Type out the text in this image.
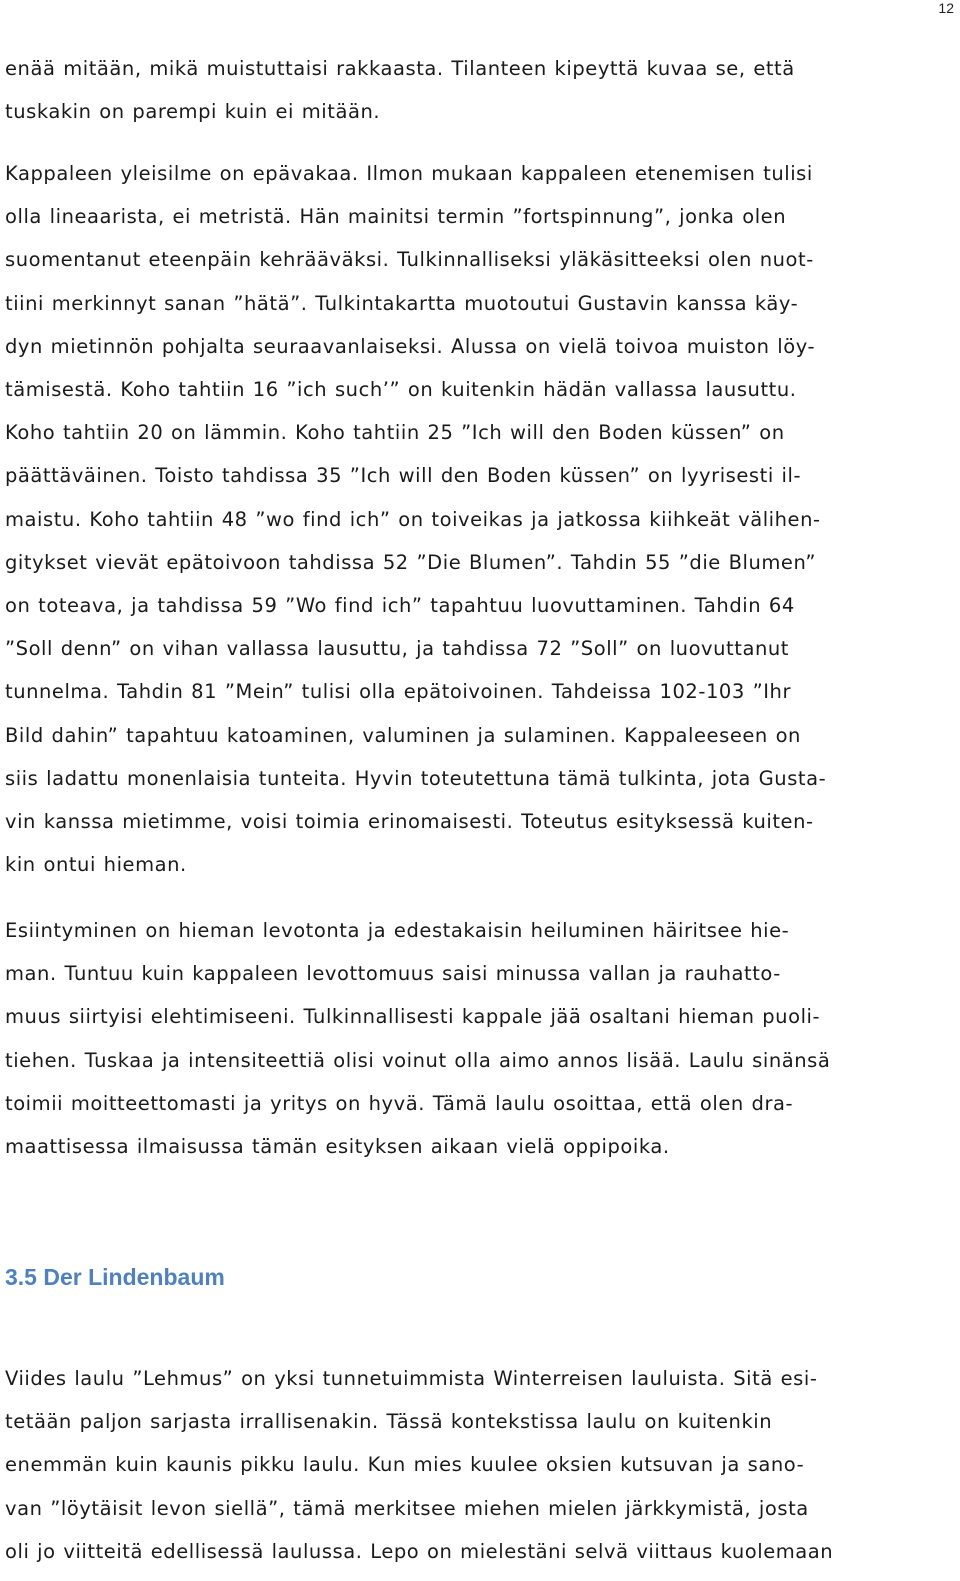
12
enää mitään, mikä muistuttaisi rakkaasta. Tilanteen kipeyttä kuvaa se, että
tuskakin on parempi kuin ei mitään.
Kappaleen yleisilme on epävakaa. Ilmon mukaan kappaleen etenemisen tulisi
olla lineaarista, ei metristä. Hän mainitsi termin ”fortspinnung”, jonka olen
suomentanut eteenpäin kehrääväksi. Tulkinnalliseksi yläkäsitteeksi olen nuot-
tiini merkinnyt sanan ”hätä”. Tulkintakartta muotoutui Gustavin kanssa käy-
dyn mietinnön pohjalta seuraavanlaiseksi. Alussa on vielä toivoa muiston löy-
tämisestä. Koho tahtiin 16 ”ich such’” on kuitenkin hädän vallassa lausuttu.
Koho tahtiin 20 on lämmin. Koho tahtiin 25 ”Ich will den Boden küssen” on
päättäväinen. Toisto tahdissa 35 ”Ich will den Boden küssen” on lyyrisesti il-
maistu. Koho tahtiin 48 ”wo find ich” on toiveikas ja jatkossa kiihkeät välihen-
gitykset vievät epätoivoon tahdissa 52 ”Die Blumen”. Tahdin 55 ”die Blumen”
on toteava, ja tahdissa 59 ”Wo find ich” tapahtuu luovuttaminen. Tahdin 64
”Soll denn” on vihan vallassa lausuttu, ja tahdissa 72 ”Soll” on luovuttanut
tunnelma. Tahdin 81 ”Mein” tulisi olla epätoivoinen. Tahdeissa 102-103 ”Ihr
Bild dahin” tapahtuu katoaminen, valuminen ja sulaminen. Kappaleeseen on
siis ladattu monenlaisia tunteita. Hyvin toteutettuna tämä tulkinta, jota Gusta-
vin kanssa mietimme, voisi toimia erinomaisesti. Toteutus esityksessä kuiten-
kin ontui hieman.
Esiintyminen on hieman levotonta ja edestakaisin heiluminen häiritsee hie-
man. Tuntuu kuin kappaleen levottomuus saisi minussa vallan ja rauhatto-
muus siirtyisi elehtimiseeni. Tulkinnallisesti kappale jää osaltani hieman puoli-
tiehen. Tuskaa ja intensiteettiä olisi voinut olla aimo annos lisää. Laulu sinänsä
toimii moitteettomasti ja yritys on hyvä. Tämä laulu osoittaa, että olen dra-
maattisessa ilmaisussa tämän esityksen aikaan vielä oppipoika.
3.5 Der Lindenbaum
Viides laulu ”Lehmus” on yksi tunnetuimmista Winterreisen lauluista. Sitä esi-
tetään paljon sarjasta irrallisenakin. Tässä kontekstissa laulu on kuitenkin
enemmän kuin kaunis pikku laulu. Kun mies kuulee oksien kutsuvan ja sano-
van ”löytäisit levon siellä”, tämä merkitsee miehen mielen järkkymistä, josta
oli jo viitteitä edellisessä laulussa. Lepo on mielestäni selvä viittaus kuolemaan
